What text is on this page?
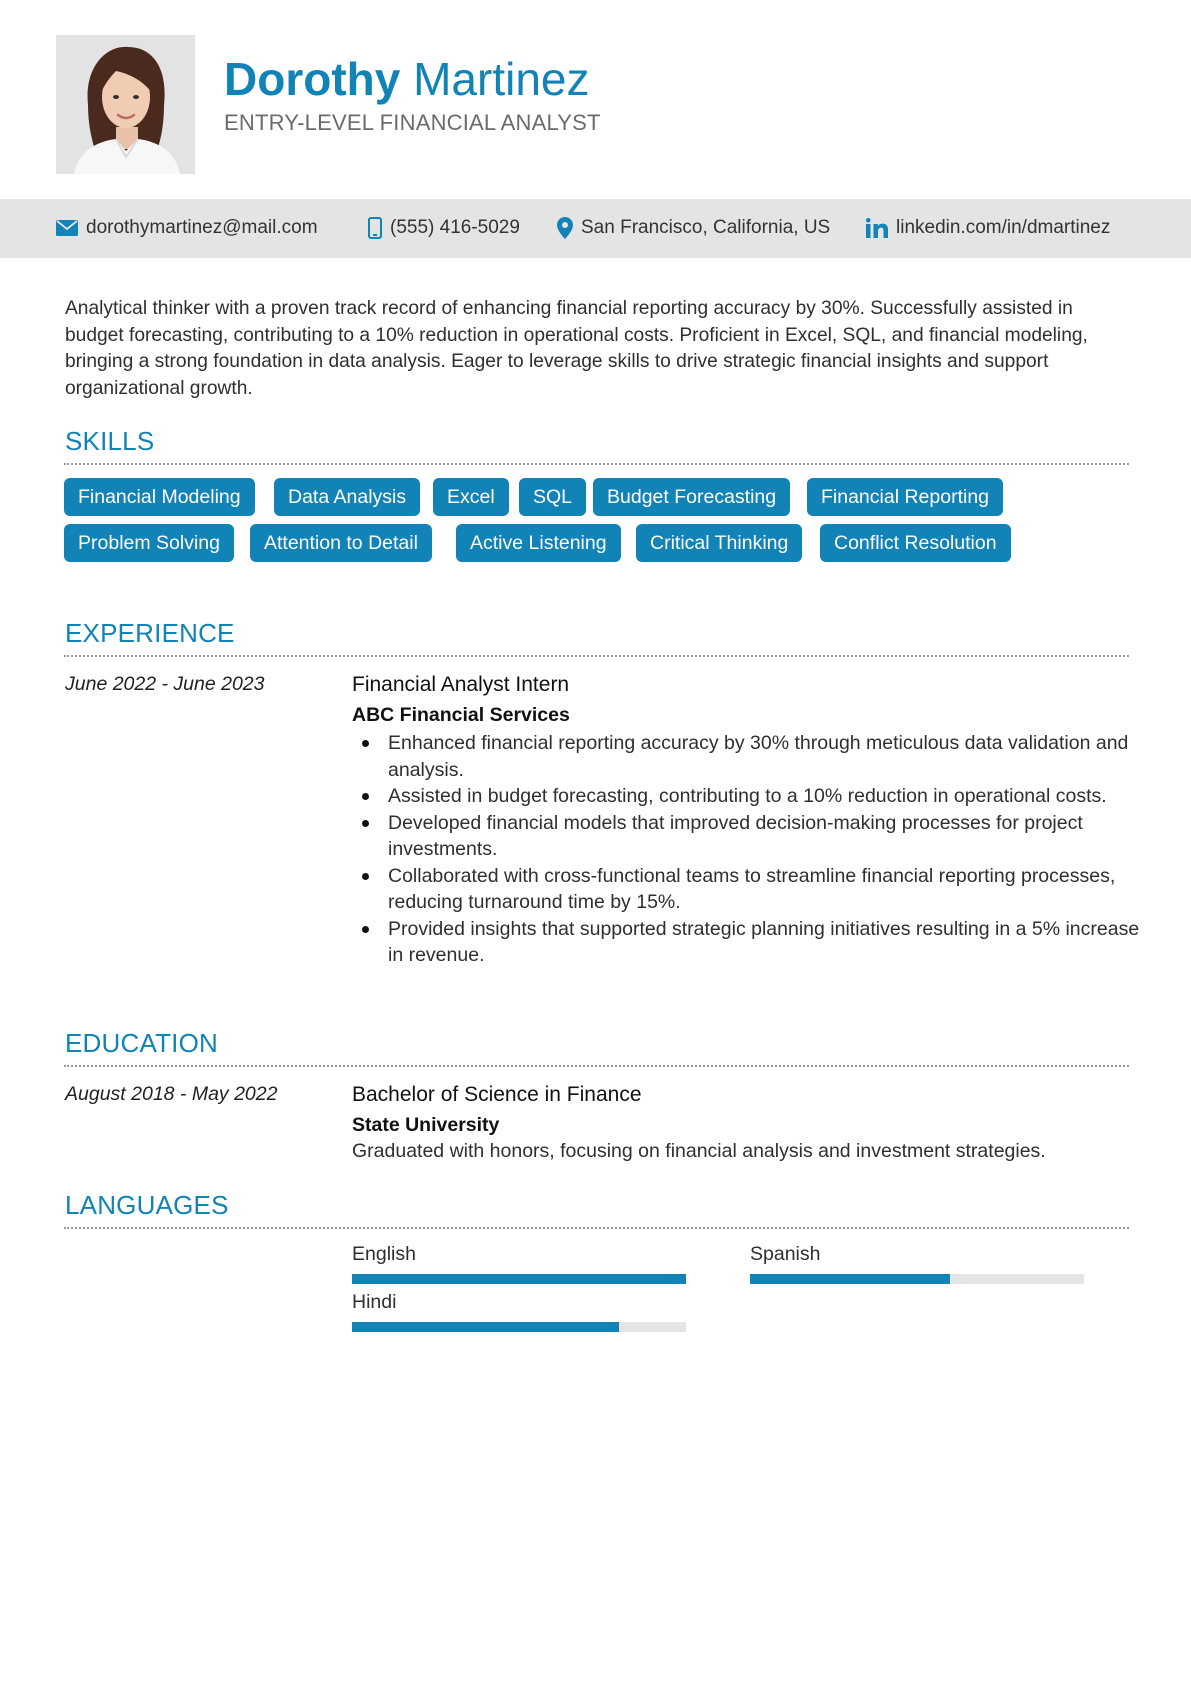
Dorothy Martinez
ENTRY-LEVEL FINANCIAL ANALYST
dorothymartinez@mail.com	(555) 416-5029	San Francisco, California, US	linkedin.com/in/dmartinez
Analytical thinker with a proven track record of enhancing financial reporting accuracy by 30%. Successfully assisted in budget forecasting, contributing to a 10% reduction in operational costs. Proficient in Excel, SQL, and financial modeling, bringing a strong foundation in data analysis. Eager to leverage skills to drive strategic financial insights and support organizational growth.
SKILLS
Financial Modeling	Data Analysis	Excel	SQL	Budget Forecasting	Financial Reporting
Problem Solving	Attention to Detail	Active Listening	Critical Thinking	Conflict Resolution
EXPERIENCE
June 2022 - June 2023	Financial Analyst Intern
ABC Financial Services
Enhanced financial reporting accuracy by 30% through meticulous data validation and analysis.
Assisted in budget forecasting, contributing to a 10% reduction in operational costs.
Developed financial models that improved decision-making processes for project investments.
Collaborated with cross-functional teams to streamline financial reporting processes, reducing turnaround time by 15%.
Provided insights that supported strategic planning initiatives resulting in a 5% increase in revenue.
EDUCATION
August 2018 - May 2022	Bachelor of Science in Finance
State University
Graduated with honors, focusing on financial analysis and investment strategies.
LANGUAGES
English	Spanish
Hindi
